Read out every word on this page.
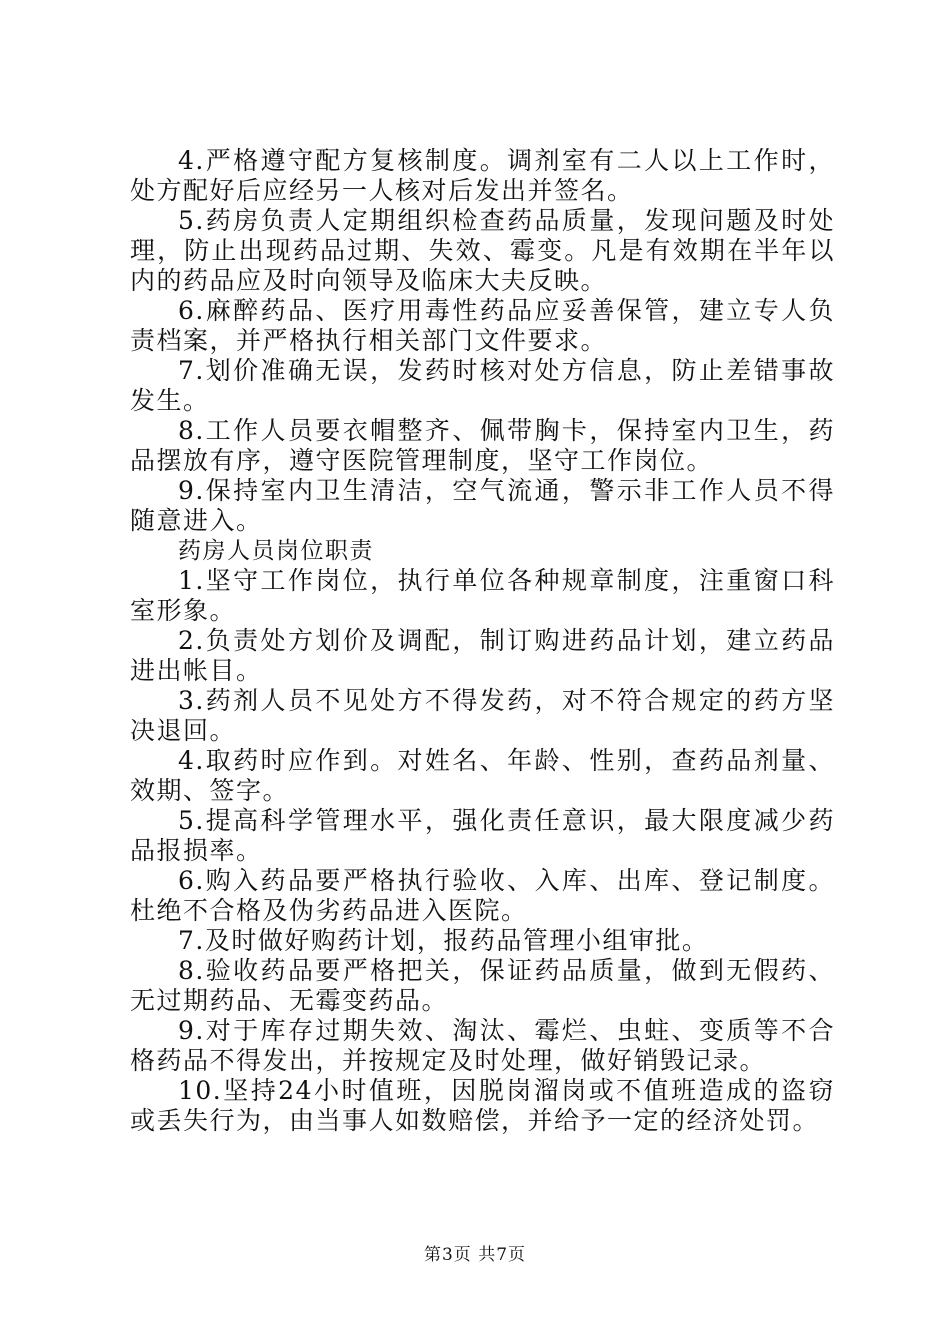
4.严格遵守配方复核制度。调剂室有二人以上工作时，处方配好后应经另一人核对后发出并签名。

5.药房负责人定期组织检查药品质量，发现问题及时处理，防止出现药品过期、失效、霉变。凡是有效期在半年以内的药品应及时向领导及临床大夫反映。

6.麻醉药品、医疗用毒性药品应妥善保管，建立专人负责档案，并严格执行相关部门文件要求。

7.划价准确无误，发药时核对处方信息，防止差错事故发生。

8.工作人员要衣帽整齐、佩带胸卡，保持室内卫生，药品摆放有序，遵守医院管理制度，坚守工作岗位。

9.保持室内卫生清洁，空气流通，警示非工作人员不得随意进入。

药房人员岗位职责

1.坚守工作岗位，执行单位各种规章制度，注重窗口科室形象。

2.负责处方划价及调配，制订购进药品计划，建立药品进出帐目。

3.药剂人员不见处方不得发药，对不符合规定的药方坚决退回。

4.取药时应作到。对姓名、年龄、性别，查药品剂量、效期、签字。

5.提高科学管理水平，强化责任意识，最大限度减少药品报损率。

6.购入药品要严格执行验收、入库、出库、登记制度。杜绝不合格及伪劣药品进入医院。

7.及时做好购药计划，报药品管理小组审批。

8.验收药品要严格把关，保证药品质量，做到无假药、无过期药品、无霉变药品。

9.对于库存过期失效、淘汰、霉烂、虫蛀、变质等不合格药品不得发出，并按规定及时处理，做好销毁记录。

10.坚持24小时值班，因脱岗溜岗或不值班造成的盗窃或丢失行为，由当事人如数赔偿，并给予一定的经济处罚。

第3页 共7页
